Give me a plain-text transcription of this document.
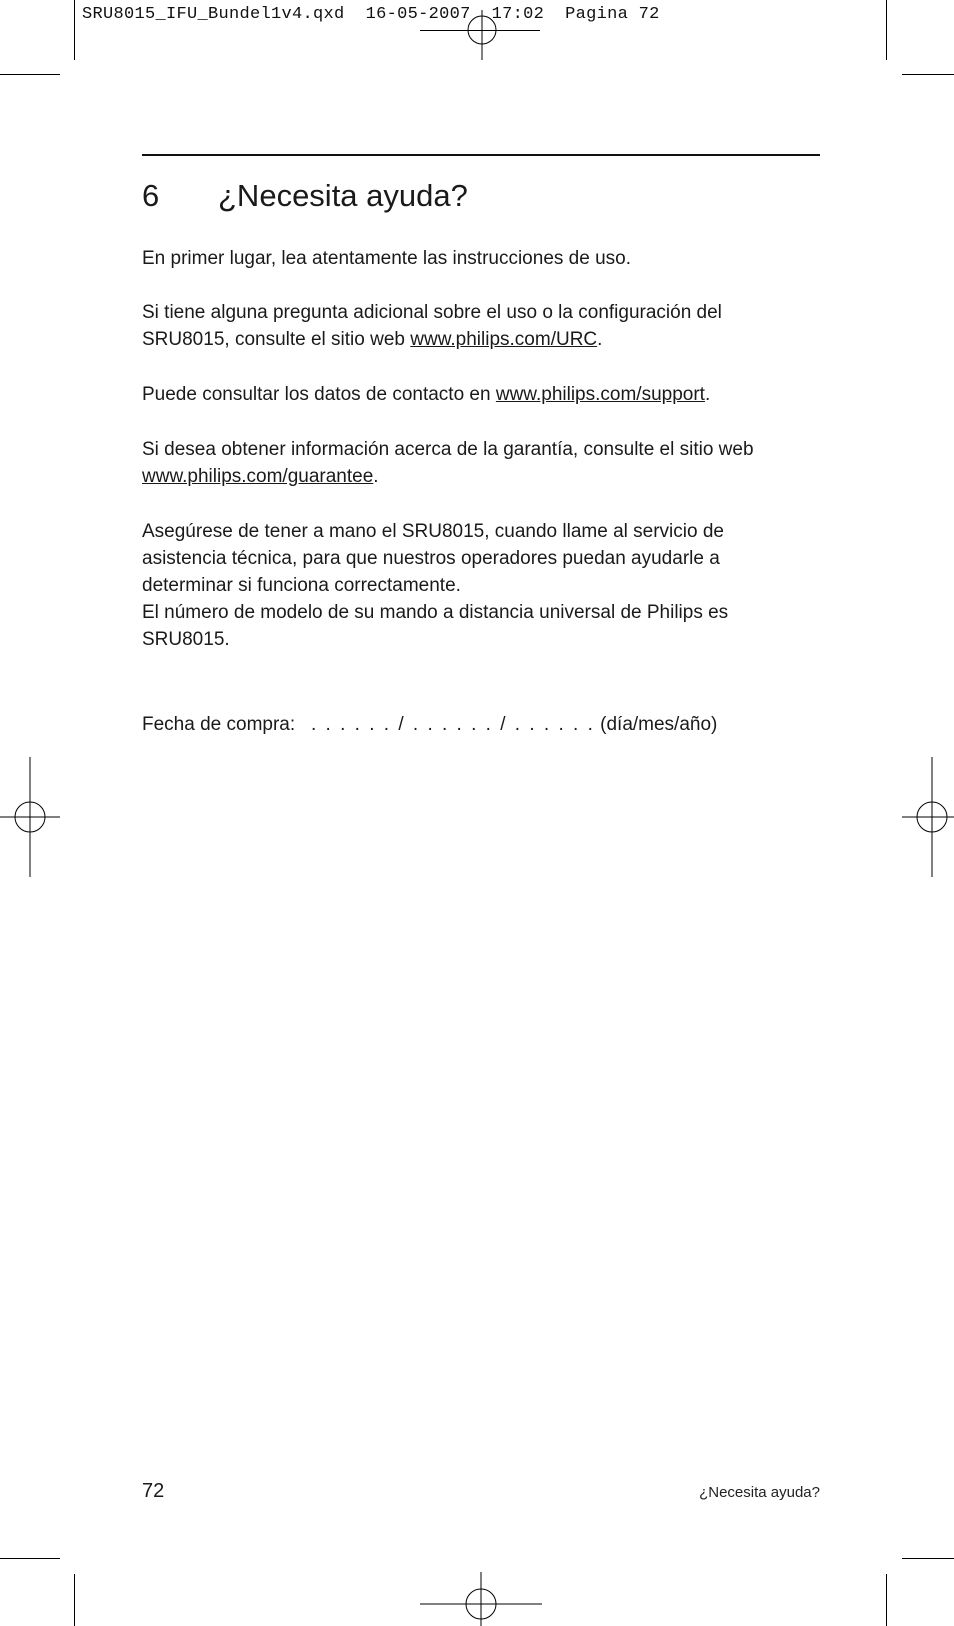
SRU8015_IFU_Bundel1v4.qxd 16-05-2007 17:02 Pagina 72
6 ¿Necesita ayuda?

En primer lugar, lea atentamente las instrucciones de uso.

Si tiene alguna pregunta adicional sobre el uso o la configuración del

SRU8015, consulte el sitio web www.philips.com/URC.

Puede consultar los datos de contacto en www.philips.com/support.

Si desea obtener información acerca de la garantía, consulte el sitio web

www.philips.com/guarantee.

Asegúrese de tener a mano el SRU8015, cuando llame al servicio de

asistencia técnica, para que nuestros operadores puedan ayudarle a

determinar si funciona correctamente.

El número de modelo de su mando a distancia universal de Philips es

SRU8015.

Fecha de compra: . . . . . . / . . . . . . / . . . . . . (día/mes/año)

72	¿Necesita ayuda?
